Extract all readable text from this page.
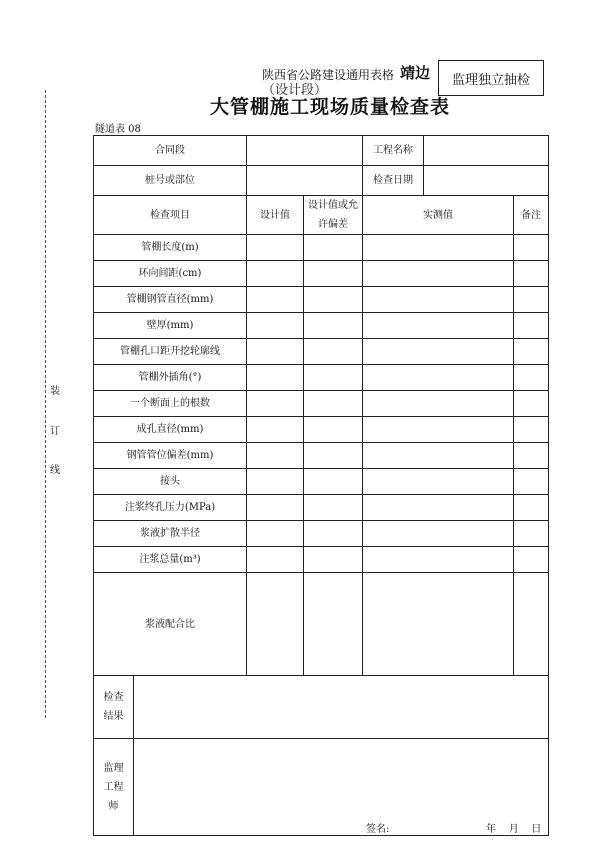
装
订
线
陕西省公路建设通用表格 靖边	监理独立抽检
（设计段）
大管棚施工现场质量检查表
隧道表 08
合同段			工程名称		
桩号或部位			检查日期		
检查项目	设计值	设计值或允许偏差	实测值		备注
管棚长度(m)					
环向间距(cm)					
管棚钢管直径(mm)					
壁厚(mm)					
管棚孔口距开挖轮廓线					
管棚外插角(°)					
一个断面上的根数					
成孔直径(mm)					
钢管管位偏差(mm)					
接头					
注浆终孔压力(MPa)					
浆液扩散半径					
注浆总量(m³)					
浆液配合比					

检查结果					

监理工程师
签名: 年    月    日					
